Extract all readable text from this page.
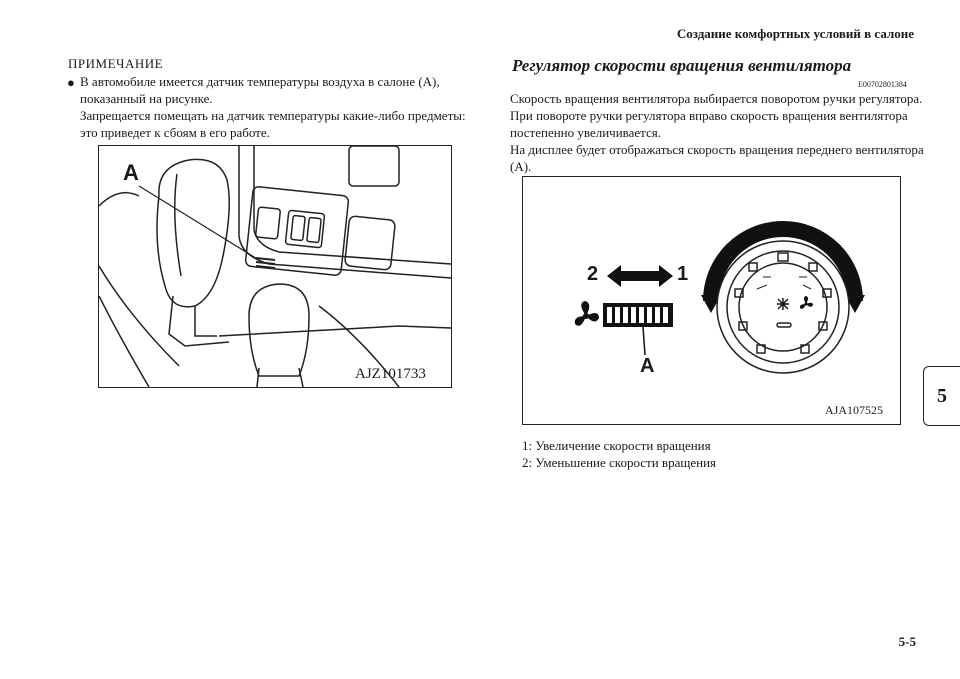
Создание комфортных условий в салоне
5
ПРИМЕЧАНИЕ
● В автомобиле имеется датчик температуры воздуха в салоне (А), показанный на рисунке.

Запрещается помещать на датчик температуры какие-либо предметы: это приведет к сбоям в его работе.

A
AJZ101733
Регулятор скорости вращения вентилятора
E00702801384

Скорость вращения вентилятора выбирается поворотом ручки регулятора. При повороте ручки регулятора вправо скорость вращения вентилятора постепенно увеличивается.

На дисплее будет отображаться скорость вращения переднего вентилятора (А).

2	1
A
AJA107525
1: Увеличение скорости вращения
2: Уменьшение скорости вращения
5-5
